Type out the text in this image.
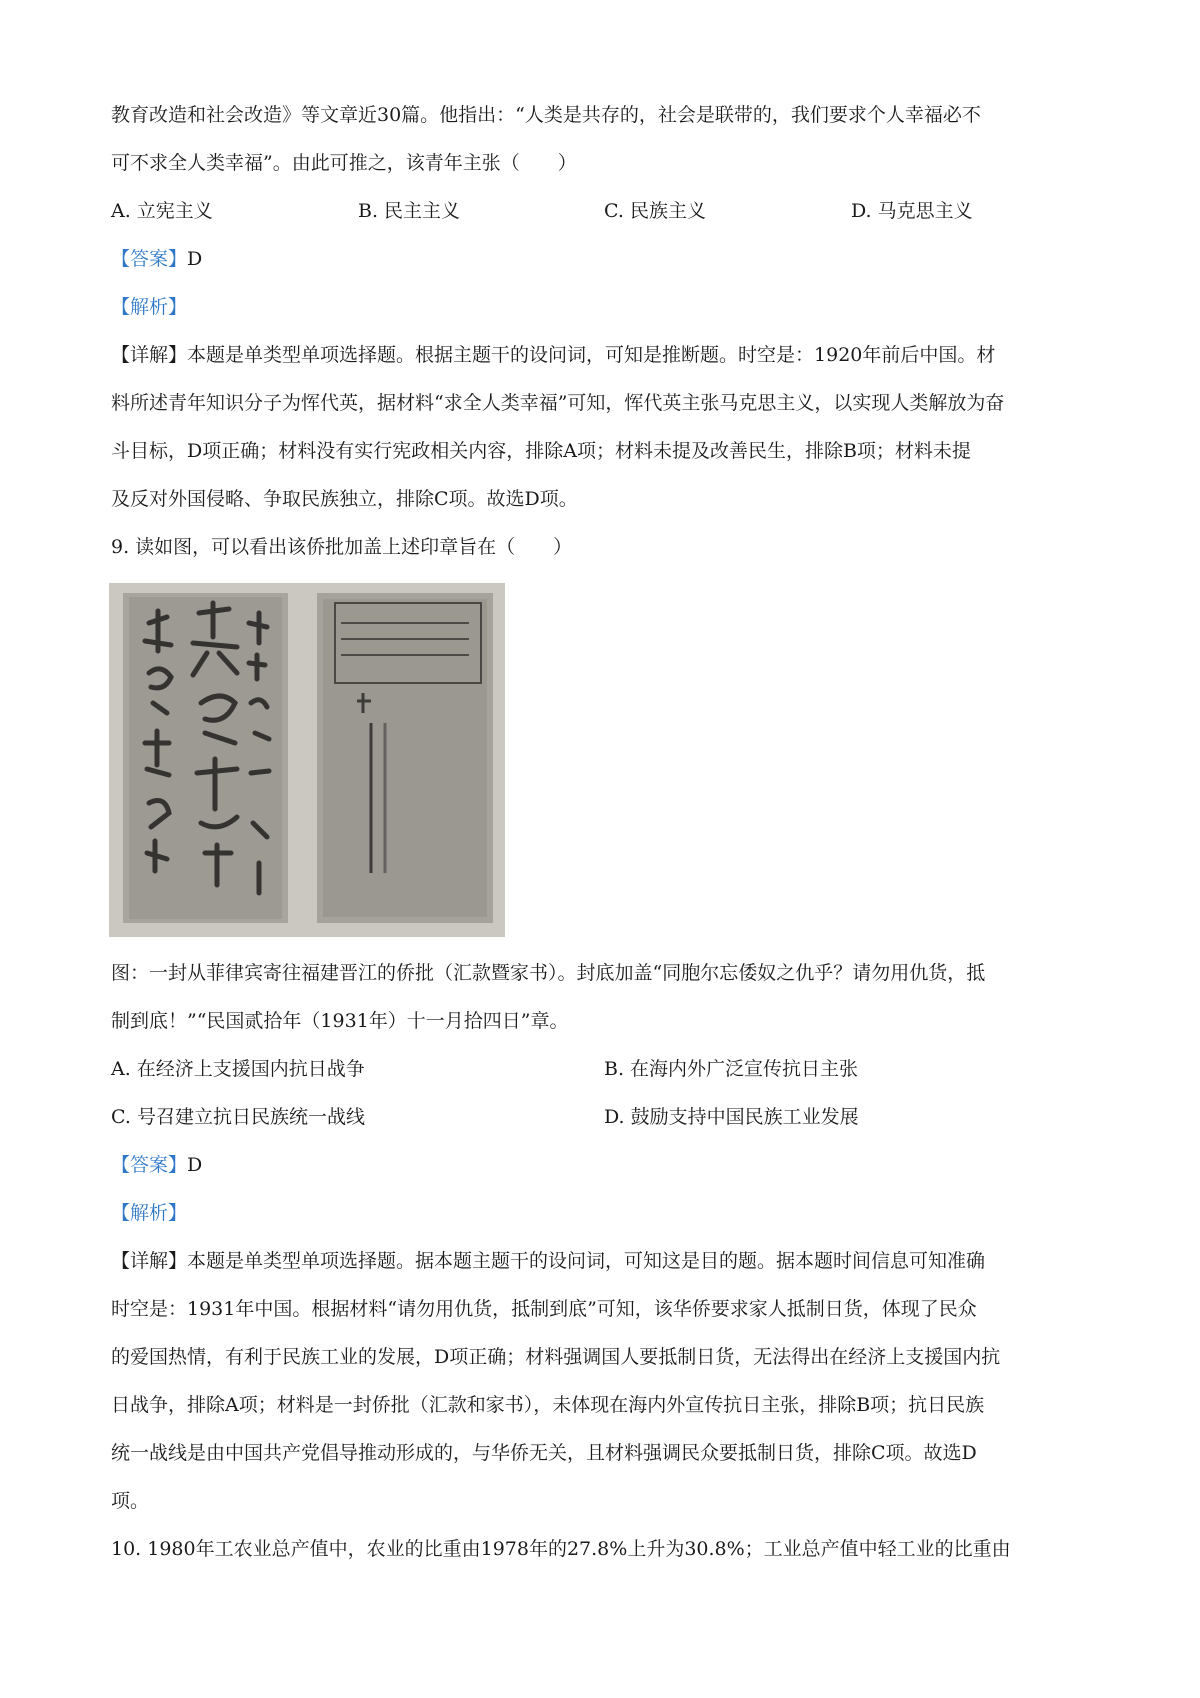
教育改造和社会改造》等文章近30篇。他指出：“人类是共存的，社会是联带的，我们要求个人幸福必不
可不求全人类幸福”。由此可推之，该青年主张（　　）
A. 立宪主义	B. 民主主义	C. 民族主义	D. 马克思主义
【答案】D
【解析】
【详解】本题是单类型单项选择题。根据主题干的设问词，可知是推断题。时空是：1920年前后中国。材
料所述青年知识分子为恽代英，据材料“求全人类幸福”可知，恽代英主张马克思主义，以实现人类解放为奋
斗目标，D项正确；材料没有实行宪政相关内容，排除A项；材料未提及改善民生，排除B项；材料未提
及反对外国侵略、争取民族独立，排除C项。故选D项。
9. 读如图，可以看出该侨批加盖上述印章旨在（　　）
图：一封从菲律宾寄往福建晋江的侨批（汇款暨家书）。封底加盖“同胞尔忘倭奴之仇乎？请勿用仇货，抵
制到底！”“民国贰拾年（1931年）十一月拾四日”章。
A. 在经济上支援国内抗日战争	B. 在海内外广泛宣传抗日主张
C. 号召建立抗日民族统一战线	D. 鼓励支持中国民族工业发展
【答案】D
【解析】
【详解】本题是单类型单项选择题。据本题主题干的设问词，可知这是目的题。据本题时间信息可知准确
时空是：1931年中国。根据材料“请勿用仇货，抵制到底”可知，该华侨要求家人抵制日货，体现了民众
的爱国热情，有利于民族工业的发展，D项正确；材料强调国人要抵制日货，无法得出在经济上支援国内抗
日战争，排除A项；材料是一封侨批（汇款和家书），未体现在海内外宣传抗日主张，排除B项；抗日民族
统一战线是由中国共产党倡导推动形成的，与华侨无关，且材料强调民众要抵制日货，排除C项。故选D
项。
10. 1980年工农业总产值中，农业的比重由1978年的27.8%上升为30.8%；工业总产值中轻工业的比重由
